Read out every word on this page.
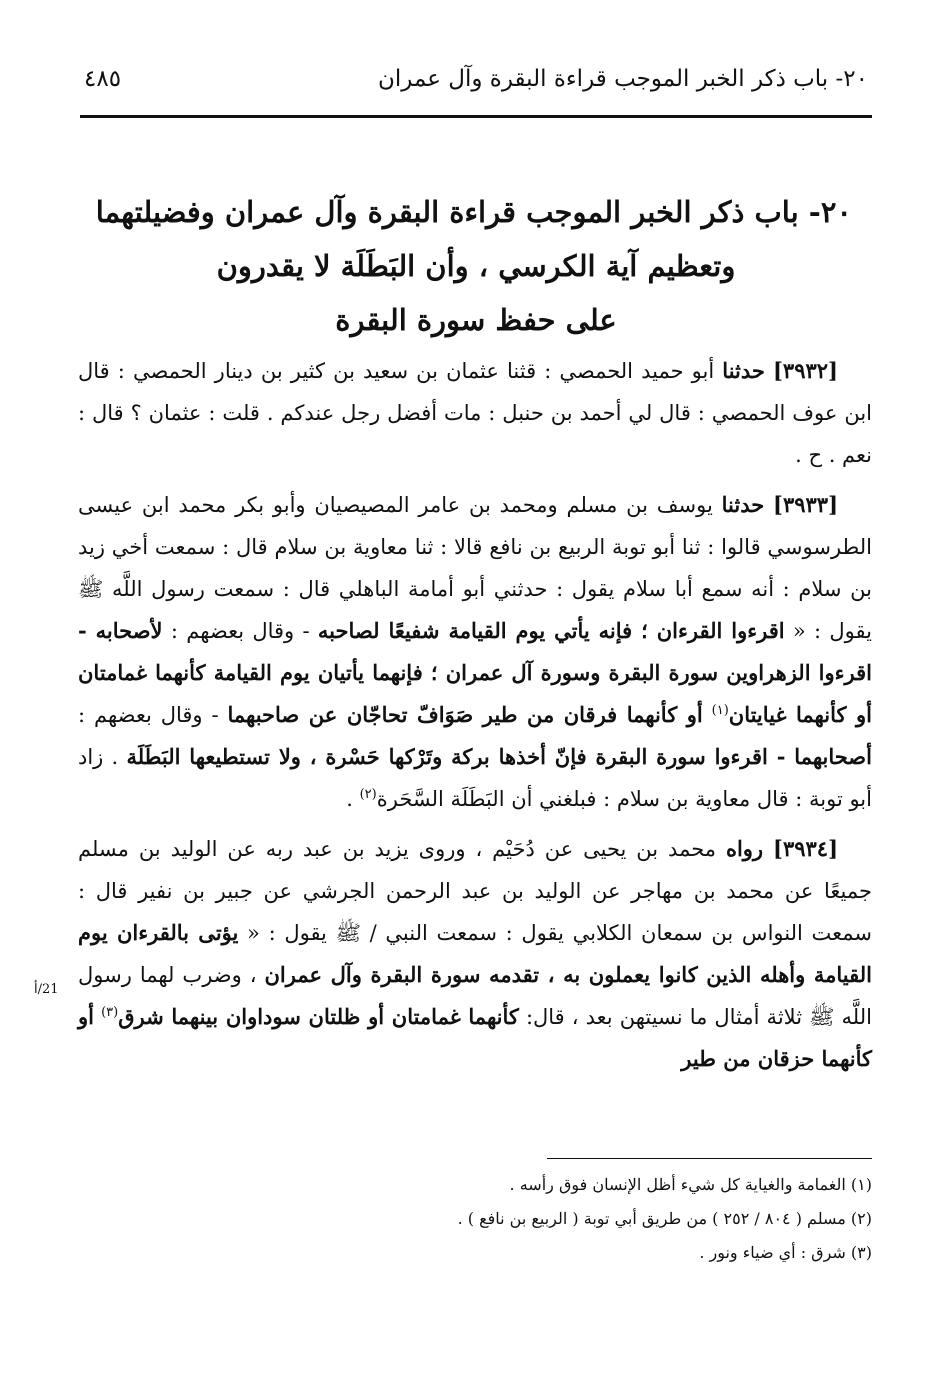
٢٠- باب ذكر الخبر الموجب قراءة البقرة وآل عمران
٤٨٥
٢٠- باب ذكر الخبر الموجب قراءة البقرة وآل عمران وفضيلتهما
وتعظيم آية الكرسي ، وأن البَطَلَة لا يقدرون
على حفظ سورة البقرة

[٣٩٣٢] حدثنا أبو حميد الحمصي : قثنا عثمان بن سعيد بن كثير بن دينار الحمصي : قال ابن عوف الحمصي : قال لي أحمد بن حنبل : مات أفضل رجل عندكم . قلت : عثمان ؟ قال : نعم . ح .

[٣٩٣٣] حدثنا يوسف بن مسلم ومحمد بن عامر المصيصيان وأبو بكر محمد ابن عيسى الطرسوسي قالوا : ثنا أبو توبة الربيع بن نافع قالا : ثنا معاوية بن سلام قال : سمعت أخي زيد بن سلام : أنه سمع أبا سلام يقول : حدثني أبو أمامة الباهلي قال : سمعت رسول اللَّه ﷺ يقول : « اقرءوا القرءان ؛ فإنه يأتي يوم القيامة شفيعًا لصاحبه - وقال بعضهم : لأصحابه - اقرءوا الزهراوين سورة البقرة وسورة آل عمران ؛ فإنهما يأتيان يوم القيامة كأنهما غمامتان أو كأنهما غيايتان$^{(١)}$ أو كأنهما فرقان من طير صَوَافّ تحاجّان عن صاحبهما - وقال بعضهم : أصحابهما - اقرءوا سورة البقرة فإنّ أخذها بركة وتَرْكها حَسْرة ، ولا تستطيعها البَطَلَة . زاد أبو توبة : قال معاوية بن سلام : فبلغني أن البَطَلَة السَّحَرة$^{(٢)}$ .

[٣٩٣٤] رواه محمد بن يحيى عن دُحَيْم ، وروى يزيد بن عبد ربه عن الوليد بن مسلم جميعًا عن محمد بن مهاجر عن الوليد بن عبد الرحمن الجرشي عن جبير بن نفير قال : سمعت النواس بن سمعان الكلابي يقول : سمعت النبي / ﷺ يقول : « يؤتى بالقرءان يوم القيامة وأهله الذين كانوا يعملون به ، تقدمه سورة البقرة وآل عمران ، وضرب لهما رسول اللَّه ﷺ ثلاثة أمثال ما نسيتهن بعد ، قال: كأنهما غمامتان أو ظلتان سوداوان بينهما شرق$^{(٣)}$ أو كأنهما حزقان من طير

21/أ
(١) الغمامة والغياية كل شيء أظل الإنسان فوق رأسه .
(٢) مسلم ( ٨٠٤ / ٢٥٢ ) من طريق أبي توبة ( الربيع بن نافع ) .
(٣) شرق : أي ضياء ونور .
